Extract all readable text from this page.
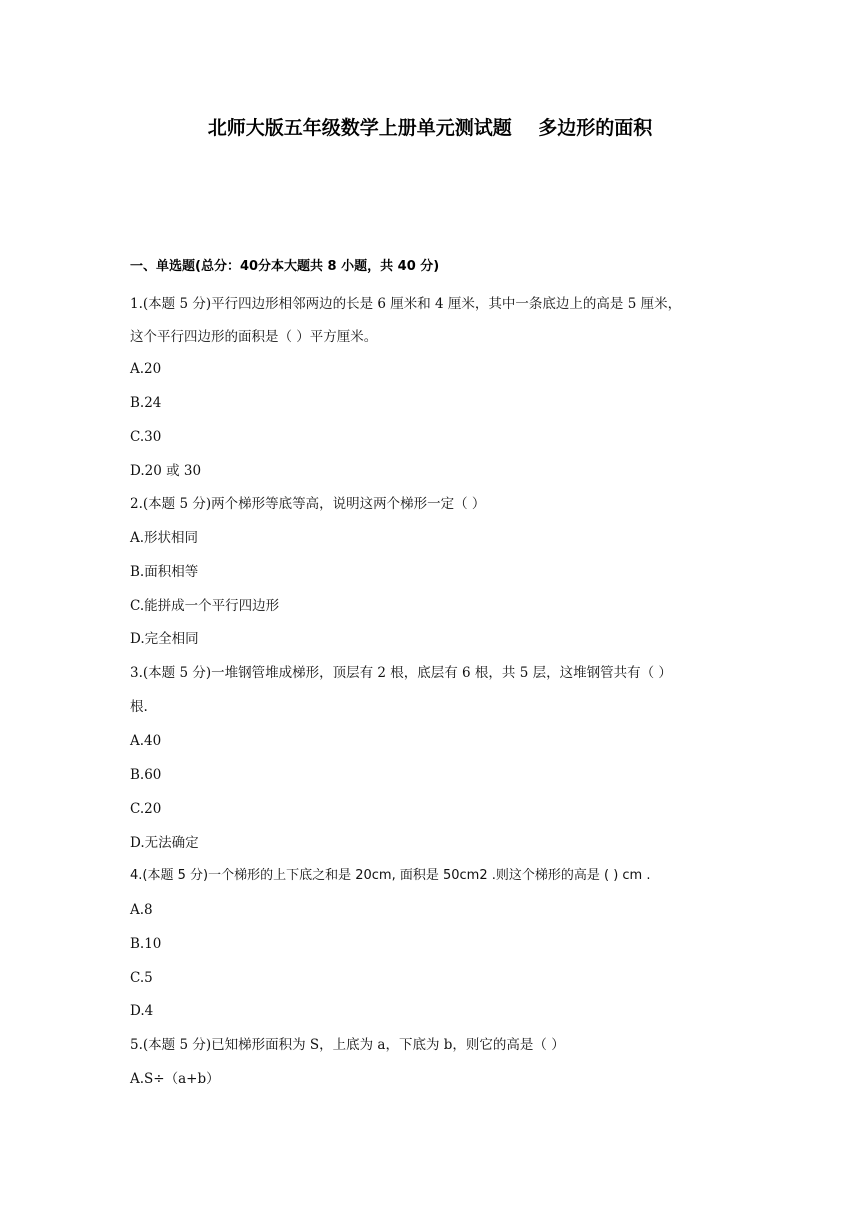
北师大版五年级数学上册单元测试题    多边形的面积
一、单选题(总分：40分本大题共 8 小题，共 40 分)
1.(本题 5 分)平行四边形相邻两边的长是 6 厘米和 4 厘米，其中一条底边上的高是 5 厘米，
这个平行四边形的面积是（ ）平方厘米。
A.20
B.24
C.30
D.20 或 30
2.(本题 5 分)两个梯形等底等高，说明这两个梯形一定（ ）
A.形状相同
B.面积相等
C.能拼成一个平行四边形
D.完全相同
3.(本题 5 分)一堆钢管堆成梯形，顶层有 2 根，底层有 6 根，共 5 层，这堆钢管共有（ ）
根.
A.40
B.60
C.20
D.无法确定
4.(本题 5 分)一个梯形的上下底之和是 20cm, 面积是 50cm2 .则这个梯形的高是 ( ) cm .
A.8
B.10
C.5
D.4
5.(本题 5 分)已知梯形面积为 S，上底为 a，下底为 b，则它的高是（ ）
A.S÷（a+b）
